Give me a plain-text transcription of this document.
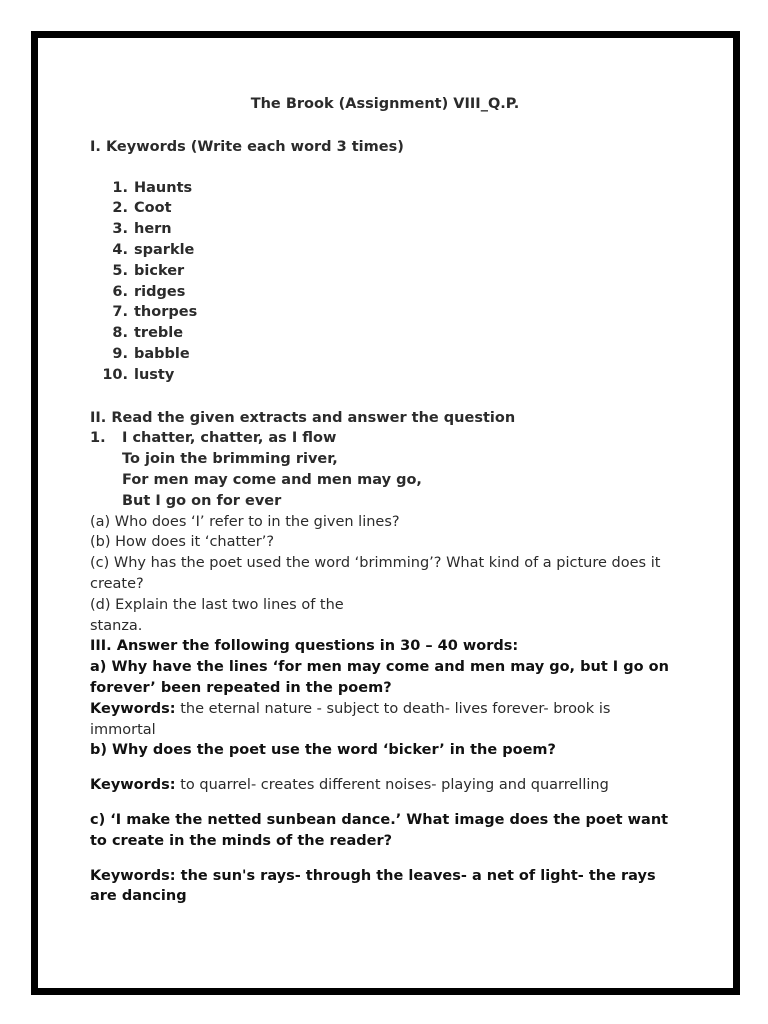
The Brook (Assignment) VIII_Q.P.

I. Keywords (Write each word 3 times)

1. Haunts
2. Coot
3. hern
4. sparkle
5. bicker
6. ridges
7. thorpes
8. treble
9. babble
10. lusty

II. Read the given extracts and answer the question

1.	I chatter, chatter, as I flow
To join the brimming river,
For men may come and men may go,
But I go on for ever

(a) Who does ‘I’ refer to in the given lines?

(b) How does it ‘chatter’?

(c) Why has the poet used the word ‘brimming’? What kind of a picture does it create?

(d) Explain the last two lines of the

stanza.

III. Answer the following questions in 30 – 40 words:

a) Why have the lines ‘for men may come and men may go, but I go on forever’ been repeated in the poem?

Keywords: the eternal nature - subject to death- lives forever- brook is immortal

b) Why does the poet use the word ‘bicker’ in the poem?

Keywords: to quarrel- creates different noises- playing and quarrelling

c) ‘I make the netted sunbean dance.’ What image does the poet want to create in the minds of the reader?

Keywords: the sun's rays- through the leaves- a net of light- the rays are dancing
